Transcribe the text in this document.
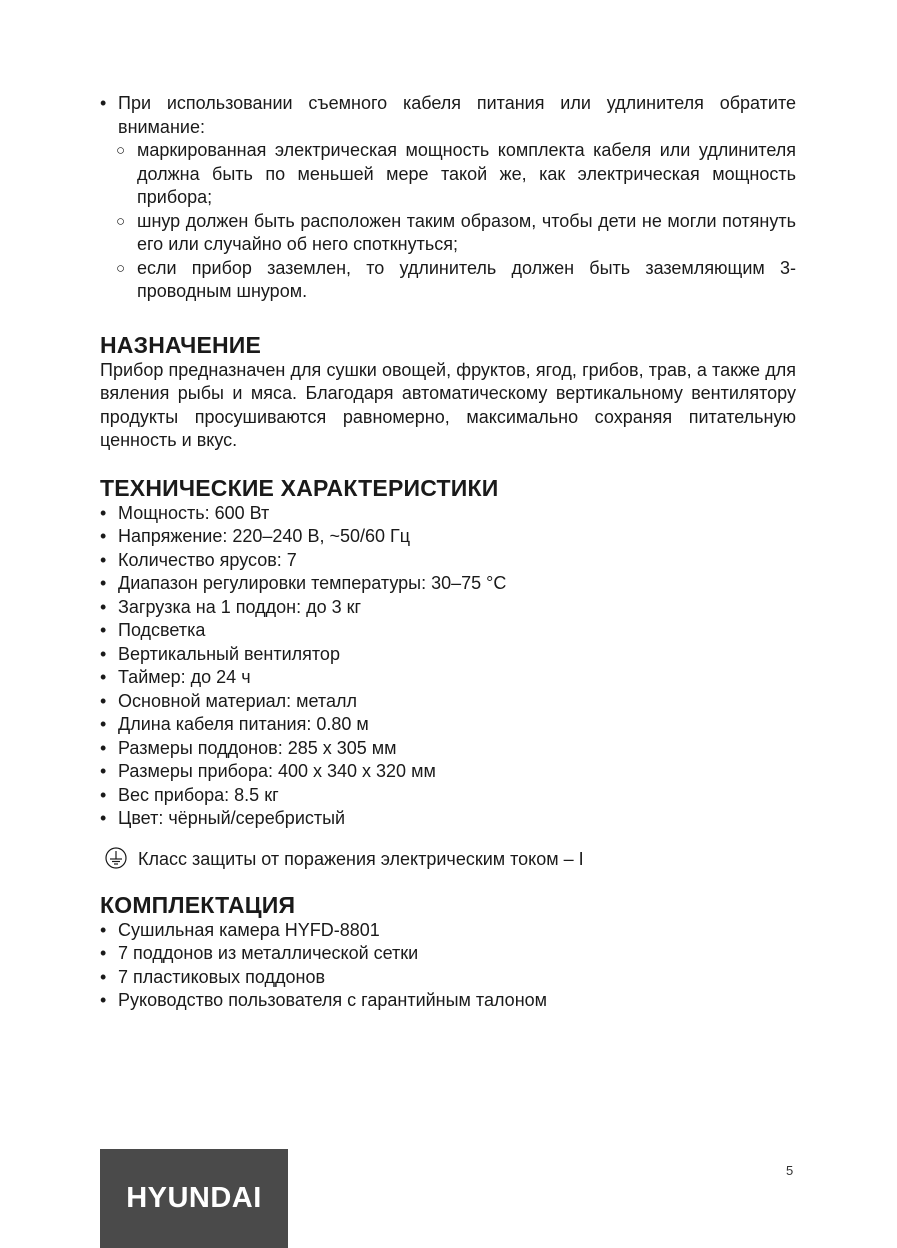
• При использовании съемного кабеля питания или удлинителя обратите внимание:
○ маркированная электрическая мощность комплекта кабеля или удлинителя должна быть по меньшей мере такой же, как электрическая мощность прибора;
○ шнур должен быть расположен таким образом, чтобы дети не могли потянуть его или случайно об него споткнуться;
○ если прибор заземлен, то удлинитель должен быть заземляющим 3-проводным шнуром.
НАЗНАЧЕНИЕ

Прибор предназначен для сушки овощей, фруктов, ягод, грибов, трав, а также для вяления рыбы и мяса. Благодаря автоматическому вертикальному вентилятору продукты просушиваются равномерно, максимально сохраняя питательную ценность и вкус.

ТЕХНИЧЕСКИЕ ХАРАКТЕРИСТИКИ
• Мощность: 600 Вт
• Напряжение: 220–240 В, ~50/60 Гц
• Количество ярусов: 7
• Диапазон регулировки температуры: 30–75 °С
• Загрузка на 1 поддон: до 3 кг
• Подсветка
• Вертикальный вентилятор
• Таймер: до 24 ч
• Основной материал: металл
• Длина кабеля питания: 0.80 м
• Размеры поддонов: 285 х 305 мм
• Размеры прибора: 400 х 340 х 320 мм
• Вес прибора: 8.5 кг
• Цвет: чёрный/серебристый
Класс защиты от поражения электрическим током – I
КОМПЛЕКТАЦИЯ
• Сушильная камера HYFD-8801
• 7 поддонов из металлической сетки
• 7 пластиковых поддонов
• Руководство пользователя с гарантийным талоном
HYUNDAI
5
